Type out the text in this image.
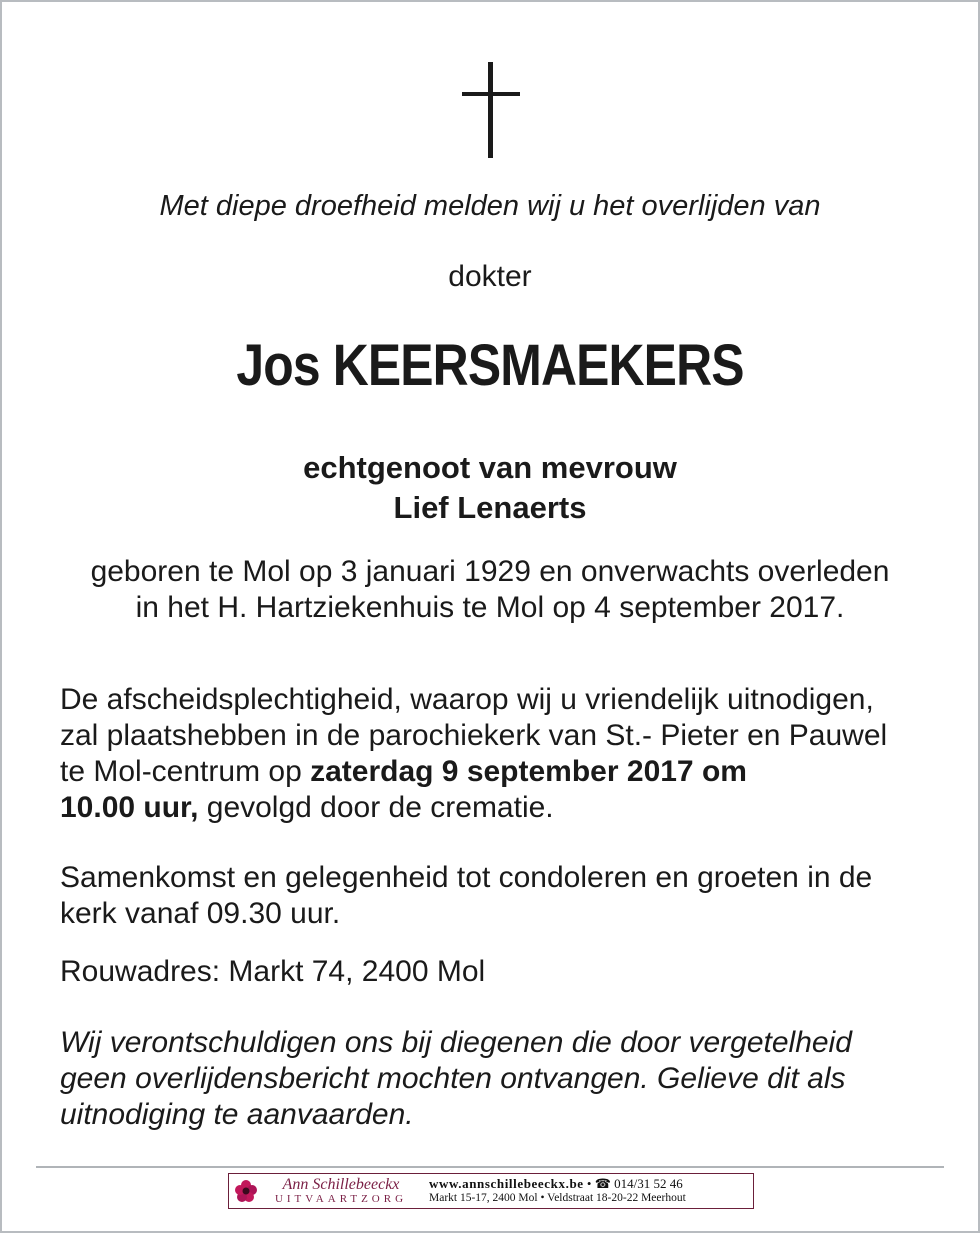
Met diepe droefheid melden wij u het overlijden van
dokter
Jos KEERSMAEKERS
echtgenoot van mevrouw
Lief Lenaerts
geboren te Mol op 3 januari 1929 en onverwachts overleden
in het H. Hartziekenhuis te Mol op 4 september 2017.
De afscheidsplechtigheid, waarop wij u vriendelijk uitnodigen,
zal plaatshebben in de parochiekerk van St.- Pieter en Pauwel
te Mol-centrum op zaterdag 9 september 2017 om
10.00 uur, gevolgd door de crematie.
Samenkomst en gelegenheid tot condoleren en groeten in de
kerk vanaf 09.30 uur.
Rouwadres: Markt 74, 2400 Mol
Wij verontschuldigen ons bij diegenen die door vergetelheid
geen overlijdensbericht mochten ontvangen. Gelieve dit als
uitnodiging te aanvaarden.
Ann Schillebeeckx
UITVAARTZORG
www.annschillebeeckx.be • ☎ 014/31 52 46
Markt 15-17, 2400 Mol • Veldstraat 18-20-22 Meerhout
